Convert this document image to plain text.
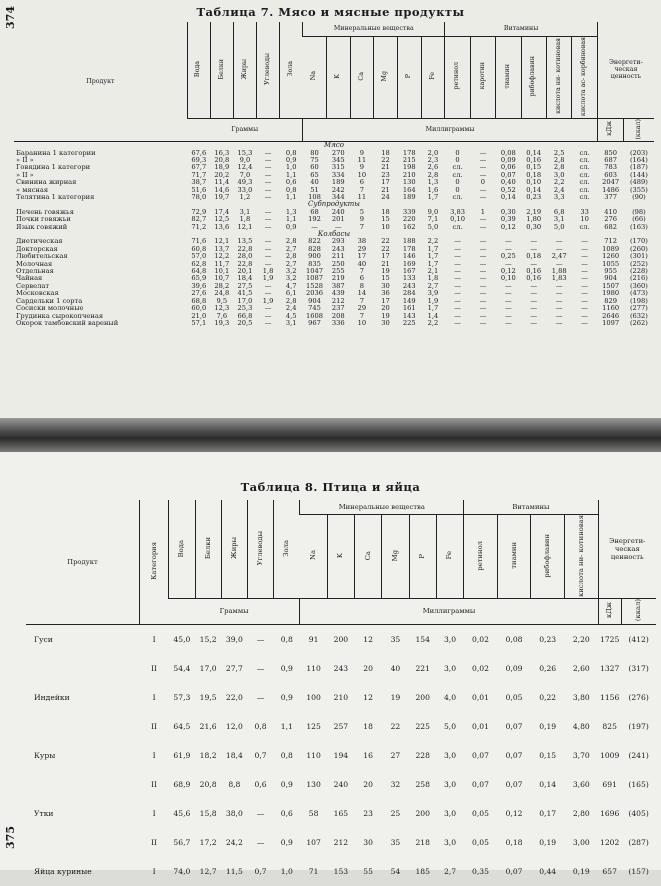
374	Таблица 7. Мясо и мясные продукты
Продукт	Вода	Белки	Жиры	Углеводы	Зола	Минеральные вещества						Витамины						Энергети-
ческая
ценность	
						Na	K	Ca	Mg	P	Fe	ретинол	каротин	тиамин	рибофлавин	кислота ни- котиновая	кислота ас- корбиновая		
	Граммы					Миллиграммы												кДж	(ккал)
Мясо																			
Баранина 1 категории	67,6	16,3	15,3	—	0,8	80	270	9	18	178	2,0	0	—	0,08	0,14	2,5	сл.	850	(203)
» II »	69,3	20,8	9,0	—	0,9	75	345	11	22	215	2,3	0	—	0,09	0,16	2,8	сл.	687	(164)
Говядина 1 категори	67,7	18,9	12,4	—	1,0	60	315	9	21	198	2,6	сл.	—	0,06	0,15	2,8	сл.	783	(187)
» II »	71,7	20,2	7,0	—	1,1	65	334	10	23	210	2,8	сл.	—	0,07	0,18	3,0	сл.	603	(144)
Свинина жирная	38,7	11,4	49,3	—	0,6	40	189	6	17	130	1,3	0	0	0,40	0,10	2,2	сл.	2047	(489)
» мясная	51,6	14,6	33,0	—	0,8	51	242	7	21	164	1,6	0	—	0,52	0,14	2,4	сл.	1486	(355)
Телятина 1 категория	78,0	19,7	1,2	—	1,1	108	344	11	24	189	1,7	сл.	—	0,14	0,23	3,3	сл.	377	(90)
Субпродукты																			
Печень говяжья	72,9	17,4	3,1	—	1,3	68	240	5	18	339	9,0	3,83	1	0,30	2,19	6,8	33	410	(98)
Почки говяжьи	82,7	12,5	1,8	—	1,1	192	201	9	15	220	7,1	0,10	—	0,39	1,80	3,1	10	276	(66)
Язык говяжий	71,2	13,6	12,1	—	0,9	—	—	7	10	162	5,0	сл.	—	0,12	0,30	5,0	сл.	682	(163)
Колбасы																			
Диетическая	71,6	12,1	13,5	—	2,8	822	293	38	22	188	2,2	—	—	—	—	—	—	712	(170)
Докторская	60,8	13,7	22,8	—	2,7	828	243	29	22	178	1,7	—	—	—	—	—	—	1089	(260)
Любительская	57,0	12,2	28,0	—	2,8	900	211	17	17	146	1,7	—	—	0,25	0,18	2,47	—	1260	(301)
Молочная	62,8	11,7	22,8	—	2,7	835	250	40	21	169	1,7	—	—	—	—	—	—	1055	(252)
Отдельная	64,8	10,1	20,1	1,8	3,2	1047	255	7	19	167	2,1	—	—	0,12	0,16	1,88	—	955	(228)
Чайная	65,9	10,7	18,4	1,9	3,2	1087	219	6	15	133	1,8	—	—	0,10	0,16	1,83	—	904	(216)
Сервелат	39,6	28,2	27,5	—	4,7	1528	387	8	30	243	2,7	—	—	—	—	—	—	1507	(360)
Московская	27,6	24,8	41,5	—	6,1	2036	439	14	36	284	3,9	—	—	—	—	—	—	1980	(473)
Сардельки 1 сорта	68,8	9,5	17,0	1,9	2,8	904	212	7	17	149	1,9	—	—	—	—	—	—	829	(198)
Сосиски молочные	60,0	12,3	25,3	—	2,4	745	237	29	20	161	1,7	—	—	—	—	—	—	1160	(277)
Грудинка сырокопченая	21,0	7,6	66,8	—	4,5	1608	208	7	19	143	1,4	—	—	—	—	—	—	2646	(632)
Окорок тамбовский вареный	57,1	19,3	20,5	—	3,1	967	336	10	30	225	2,2	—	—	—	—	—	—	1097	(262)
375
Таблица 8. Птица и яйца
Продукт	Категория	Вода	Белки	Жиры	Углеводы	Зола	Минеральные вещества						Витамины				Энергети-
ческая
ценность	
							Na	K	Ca	Mg	P	Fe	ретинол	тиамин	рибофлавин	кислота ни- котиновая		
		Граммы					Миллиграммы										кДж	(ккал)
Гуси	I	45,0	15,2	39,0	—	0,8	91	200	12	35	154	3,0	0,02	0,08	0,23	2,20	1725	(412)
	II	54,4	17,0	27,7	—	0,9	110	243	20	40	221	3,0	0,02	0,09	0,26	2,60	1327	(317)
Индейки	I	57,3	19,5	22,0	—	0,9	100	210	12	19	200	4,0	0,01	0,05	0,22	3,80	1156	(276)
	II	64,5	21,6	12,0	0,8	1,1	125	257	18	22	225	5,0	0,01	0,07	0,19	4,80	825	(197)
Куры	I	61,9	18,2	18,4	0,7	0,8	110	194	16	27	228	3,0	0,07	0,07	0,15	3,70	1009	(241)
	II	68,9	20,8	8,8	0,6	0,9	130	240	20	32	258	3,0	0,07	0,07	0,14	3,60	691	(165)
Утки	I	45,6	15,8	38,0	—	0,6	58	165	23	25	200	3,0	0,05	0,12	0,17	2,80	1696	(405)
	II	56,7	17,2	24,2	—	0,9	107	212	30	35	218	3,0	0,05	0,18	0,19	3,00	1202	(287)
Яйца куриные	I	74,0	12,7	11,5	0,7	1,0	71	153	55	54	185	2,7	0,35	0,07	0,44	0,19	657	(157)
